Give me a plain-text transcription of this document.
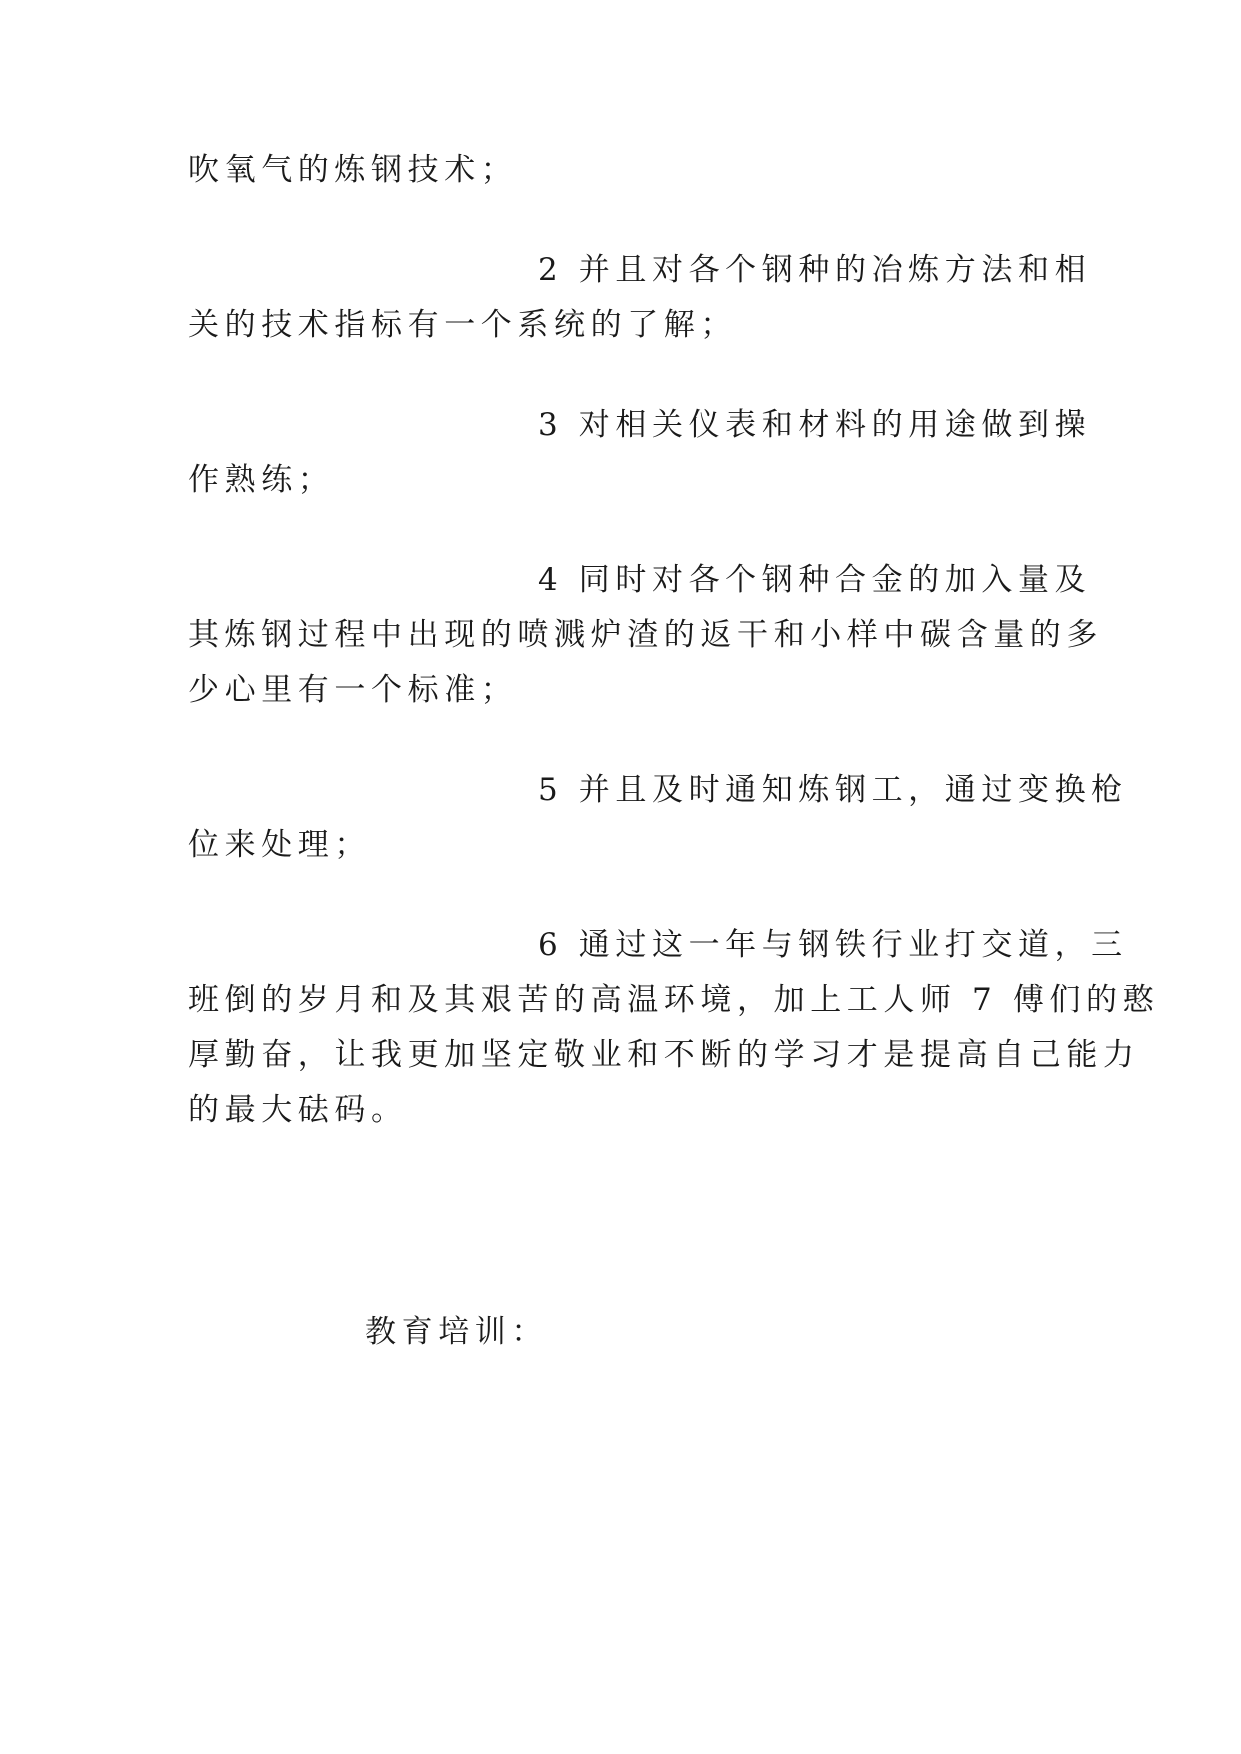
吹氧气的炼钢技术；
2 并且对各个钢种的冶炼方法和相
关的技术指标有一个系统的了解；
3 对相关仪表和材料的用途做到操
作熟练；
4 同时对各个钢种合金的加入量及
其炼钢过程中出现的喷溅炉渣的返干和小样中碳含量的多
少心里有一个标准；
5 并且及时通知炼钢工，通过变换枪
位来处理；
6 通过这一年与钢铁行业打交道，三
班倒的岁月和及其艰苦的高温环境，加上工人师 7 傅们的憨
厚勤奋，让我更加坚定敬业和不断的学习才是提高自己能力
的最大砝码。
教育培训：
